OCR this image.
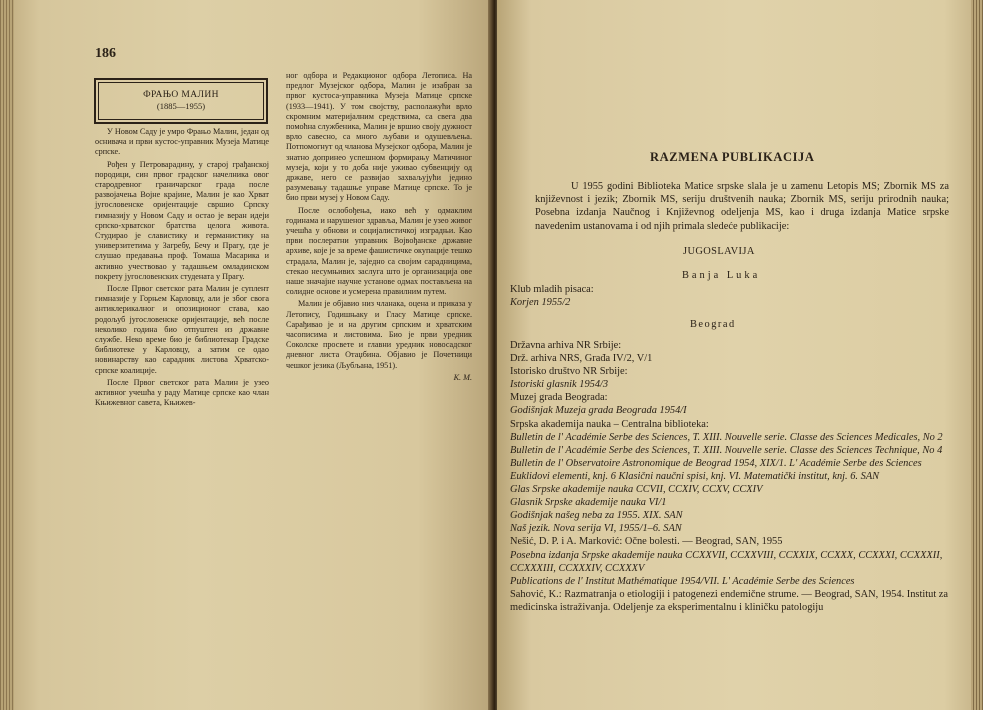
186
ФРАЊО МАЛИН
(1885—1955)

У Новом Саду је умро Фрањо Малин, један од оснивача и први кустос-управник Музеја Матице српске.

Рођен у Петроварадину, у старој грађанској породици, син првог градског начелника овог стародревног граничарског града после развојачења Војне крајине, Малин је као Хрват југословенске оријентације свршио Српску гимназију у Новом Саду и остао је веран идеји српско-хрватског братства целога живота. Студирао је славистику и германистику на универзитетима у Загребу, Бечу и Прагу, где је слушао предавања проф. Томаша Масарика и активно учествовао у тадашњем омладинском покрету југословенских студената у Прагу.

После Првог светског рата Малин је суплент гимназије у Горњем Карловцу, али је због свога антиклерикалног и опозиционог става, као родољуб југословенске оријентације, већ после неколико година био отпуштен из државне службе. Нeко време био је библиотекар Градске библиотеке у Карловцу, а затим се одао новинарству као сарадник листова Хрватско-српске коалиције.

После Првог светског рата Малин је узео активног учешћа у раду Матице српске као члан Књижевног савета, Књижев-

ног одбора и Редакционог одбора Летописа. На предлог Музејског одбора, Малин је изабран за првог кустоса-управника Музеја Матице српске (1933—1941). У том својству, располажући врло скромним материјалним средствима, са свега два помоћна службеника, Малин је вршио своју дужност врло савесно, са много љубави и одушевљења. Потпомогнут од чланова Музејског одбора, Малин је знатно допринео успешном формирању Матичиног музеја, који у то доба није уживао субвенцију од државе, него се развијао захваљујући једино разумевању тадашње управе Матице српске. То је био први музеј у Новом Саду.

После ослобођења, иако већ у одмаклим годинама и нарушеног здравља, Малин је узео живог учешћа у обнови и социјалистичкој изградњи. Као први послератни управник Војвођанске државне архиве, које је за време фашистичке окупације тешко страдала, Малин је, заједно са својим сарадницима, стекао несумњивих заслуга што је организација ове наше значајне научне установе одмах постављена на солидне основе и усмерена правилним путем.

Малин је објавио низ чланака, оцена и приказа у Летопису, Годишњаку и Гласу Матице српске. Сарађивао је и на другим српским и хрватским часописима и листовима. Био је први уредник Соколске просвете и главни уредник новосадског дневног листа Отаџбина. Објавио је Почетници чешког језика (Љубљана, 1951).

К. М.
RAZMENA PUBLIKACIJA
U 1955 godini Biblioteka Matice srpske slala je u zamenu Letopis MS; Zbornik MS za književnost i jezik; Zbornik MS, seriju društvenih nauka; Zbornik MS, seriju prirodnih nauka; Posebna izdanja Naučnog i Književnog odeljenja MS, kao i druga izdanja Matice srpske navedenim ustanovama i od njih primala sledeće publikacije:
JUGOSLAVIJA
Banja Luka
Klub mladih pisaca:
Korjen 1955/2
Beograd
Državna arhiva NR Srbije:
Drž. arhiva NRS, Građa IV/2, V/1
Istorisko društvo NR Srbije:
Istoriski glasnik 1954/3
Muzej grada Beograda:
Godišnjak Muzeja grada Beograda 1954/I
Srpska akademija nauka – Centralna biblioteka:
Bulletin de l' Académie Serbe des Sciences, T. XIII. Nouvelle serie. Classe des Sciences Medicales, No 2
Bulletin de l' Académie Serbe des Sciences, T. XIII. Nouvelle serie. Classe des Sciences Technique, No 4
Bulletin de l' Observatoire Astronomique de Beograd 1954, XIX/1. L' Académie Serbe des Sciences
Euklidovi elementi, knj. 6 Klasični naučni spisi, knj. VI. Matematički institut, knj. 6. SAN
Glas Srpske akademije nauka CCVII, CCXIV, CCXV, CCXIV
Glasnik Srpske akademije nauka VI/1
Godišnjak našeg neba za 1955. XIX. SAN
Naš jezik. Nova serija VI, 1955/1–6. SAN
Nešić, D. P. i A. Marković: Očne bolesti. — Beograd, SAN, 1955
Posebna izdanja Srpske akademije nauka CCXXVII, CCXXVIII, CCXXIX, CCXXX, CCXXXI, CCXXXII, CCXXXIII, CCXXXIV, CCXXXV
Publications de l' Institut Mathématique 1954/VII. L' Académie Serbe des Sciences
Sahović, K.: Razmatranja o etiologiji i patogenezi endemične strume. — Beograd, SAN, 1954. Institut za medicinska istraživanja. Odeljenje za eksperimentalnu i kliničku patologiju
